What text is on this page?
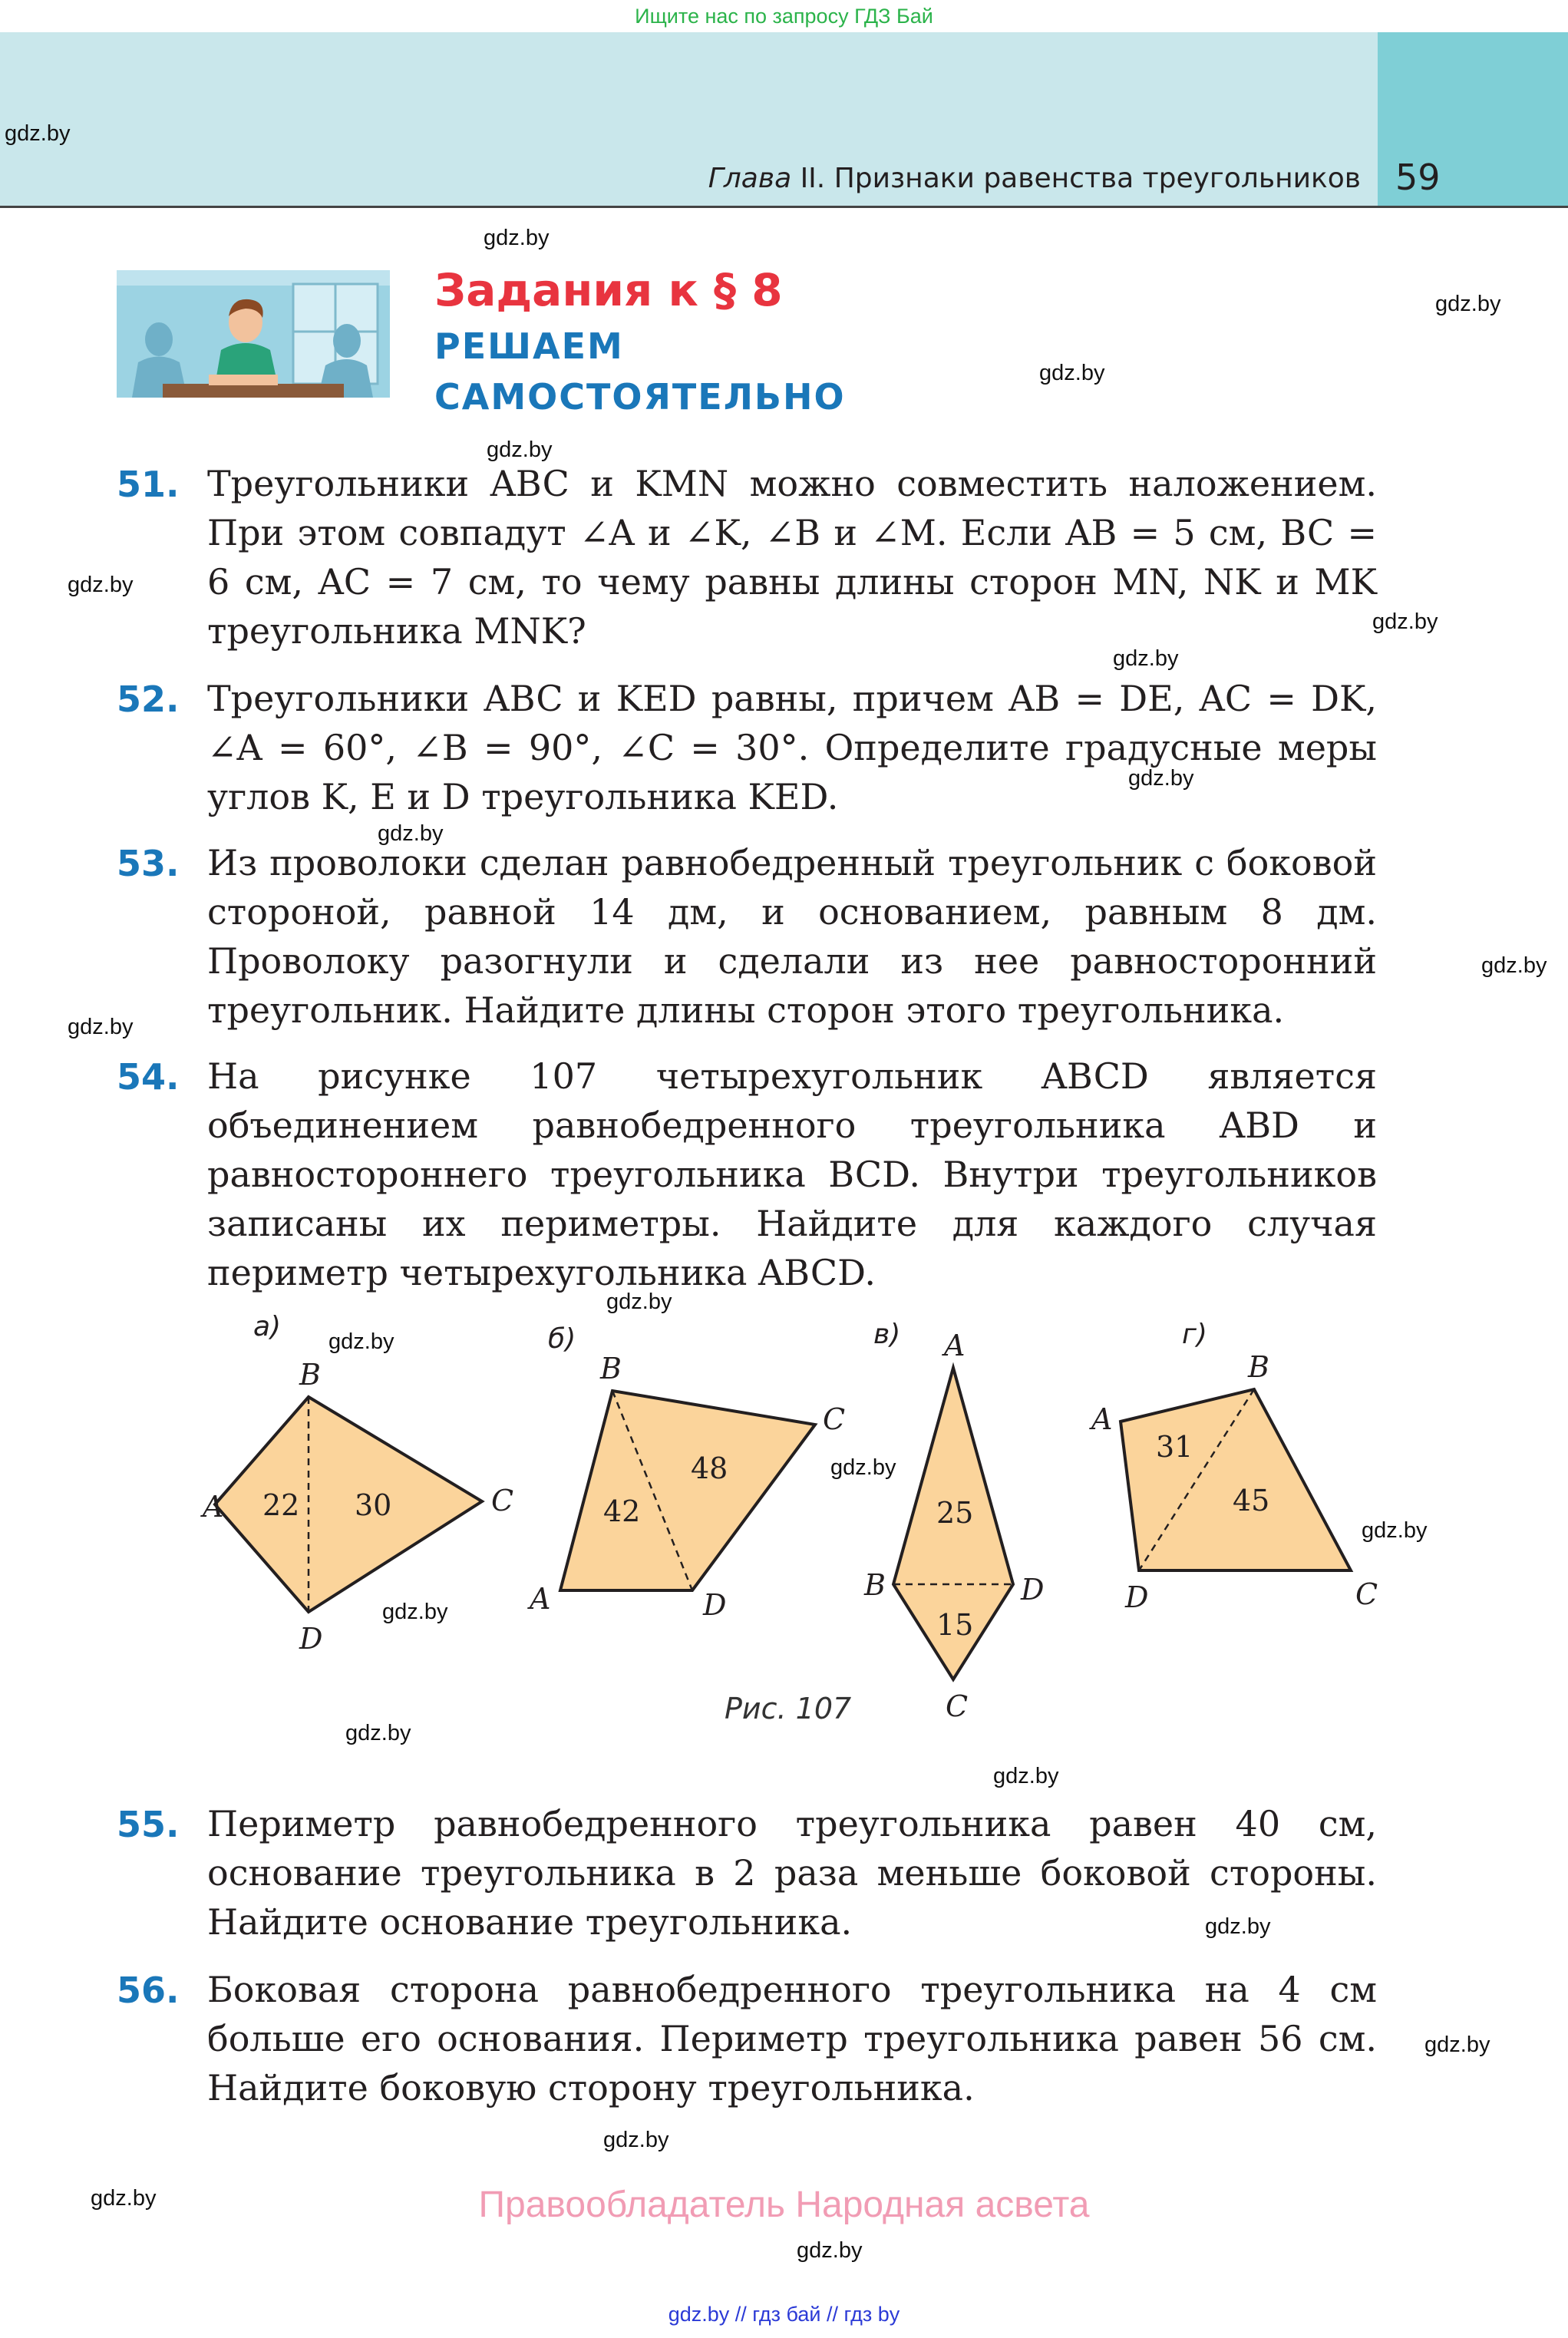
Ищите нас по запросу ГДЗ Бай
Глава II. Признаки равенства треугольников 59
gdz.by
gdz.by
gdz.by
gdz.by
gdz.by
gdz.by
gdz.by
gdz.by
gdz.by
gdz.by
gdz.by
gdz.by
gdz.by
gdz.by
gdz.by
gdz.by
gdz.by
gdz.by
gdz.by
gdz.by
gdz.by
gdz.by
gdz.by
gdz.by
Задания к § 8
РЕШАЕМ
САМОСТОЯТЕЛЬНО
51. Треугольники ABC и KMN можно совместить наложением. При этом совпадут ∠A и ∠K, ∠B и ∠M. Если AB = 5 см, BC = 6 см, AC = 7 см, то чему равны длины сторон MN, NK и MK треугольника MNK?
52. Треугольники ABC и KED равны, причем AB = DE, AC = DK, ∠A = 60°, ∠B = 90°, ∠C = 30°. Определите градусные меры углов K, E и D треугольника KED.
53. Из проволоки сделан равнобедренный треугольник с боковой стороной, равной 14 дм, и основанием, равным 8 дм. Проволоку разогнули и сделали из нее равносторонний треугольник. Найдите длины сторон этого треугольника.
54. На рисунке 107 четырехугольник ABCD является объединением равнобедренного треугольника ABD и равностороннего треугольника BCD. Внутри треугольников записаны их периметры. Найдите для каждого случая периметр четырехугольника ABCD.
а)
A
B
C
D
22 30
б)
A
B
C
D
42
48
в) A
B
C
D
25
15
г)
A
B
C
D
31
45
Рис. 107
55. Периметр равнобедренного треугольника равен 40 см, основание треугольника в 2 раза меньше боковой стороны. Найдите основание треугольника.
56. Боковая сторона равнобедренного треугольника на 4 см больше его основания. Периметр треугольника равен 56 см. Найдите боковую сторону треугольника.
Правообладатель Народная асвета
gdz.by // гдз бай // гдз by
